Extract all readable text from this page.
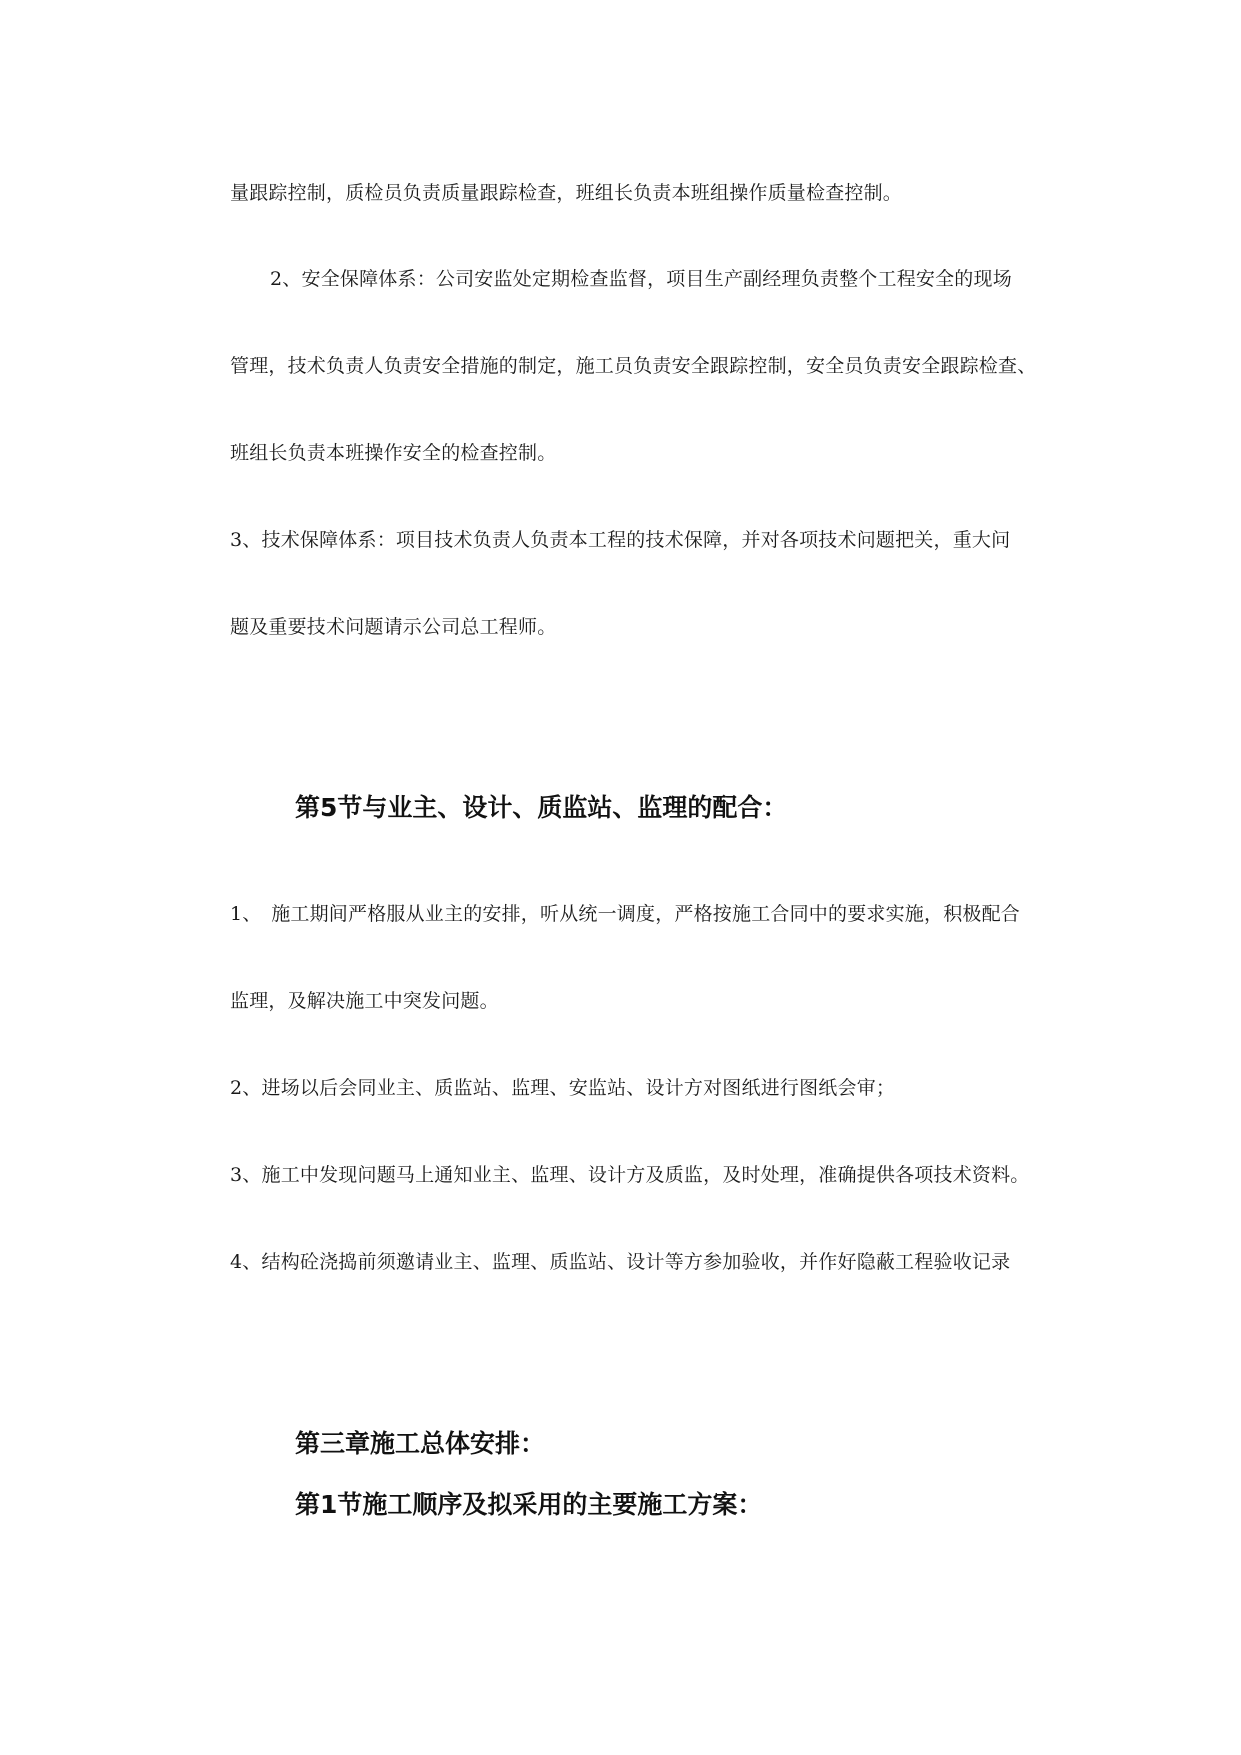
量跟踪控制，质检员负责质量跟踪检查，班组长负责本班组操作质量检查控制。
2、安全保障体系：公司安监处定期检查监督，项目生产副经理负责整个工程安全的现场
管理，技术负责人负责安全措施的制定，施工员负责安全跟踪控制，安全员负责安全跟踪检查、
班组长负责本班操作安全的检查控制。
3、技术保障体系：项目技术负责人负责本工程的技术保障，并对各项技术问题把关，重大问
题及重要技术问题请示公司总工程师。
第5节与业主、设计、质监站、监理的配合：
1、　施工期间严格服从业主的安排，听从统一调度，严格按施工合同中的要求实施，积极配合
监理，及解决施工中突发问题。
2、进场以后会同业主、质监站、监理、安监站、设计方对图纸进行图纸会审；
3、施工中发现问题马上通知业主、监理、设计方及质监，及时处理，准确提供各项技术资料。
4、结构砼浇捣前须邀请业主、监理、质监站、设计等方参加验收，并作好隐蔽工程验收记录
第三章施工总体安排：
第1节施工顺序及拟采用的主要施工方案：
